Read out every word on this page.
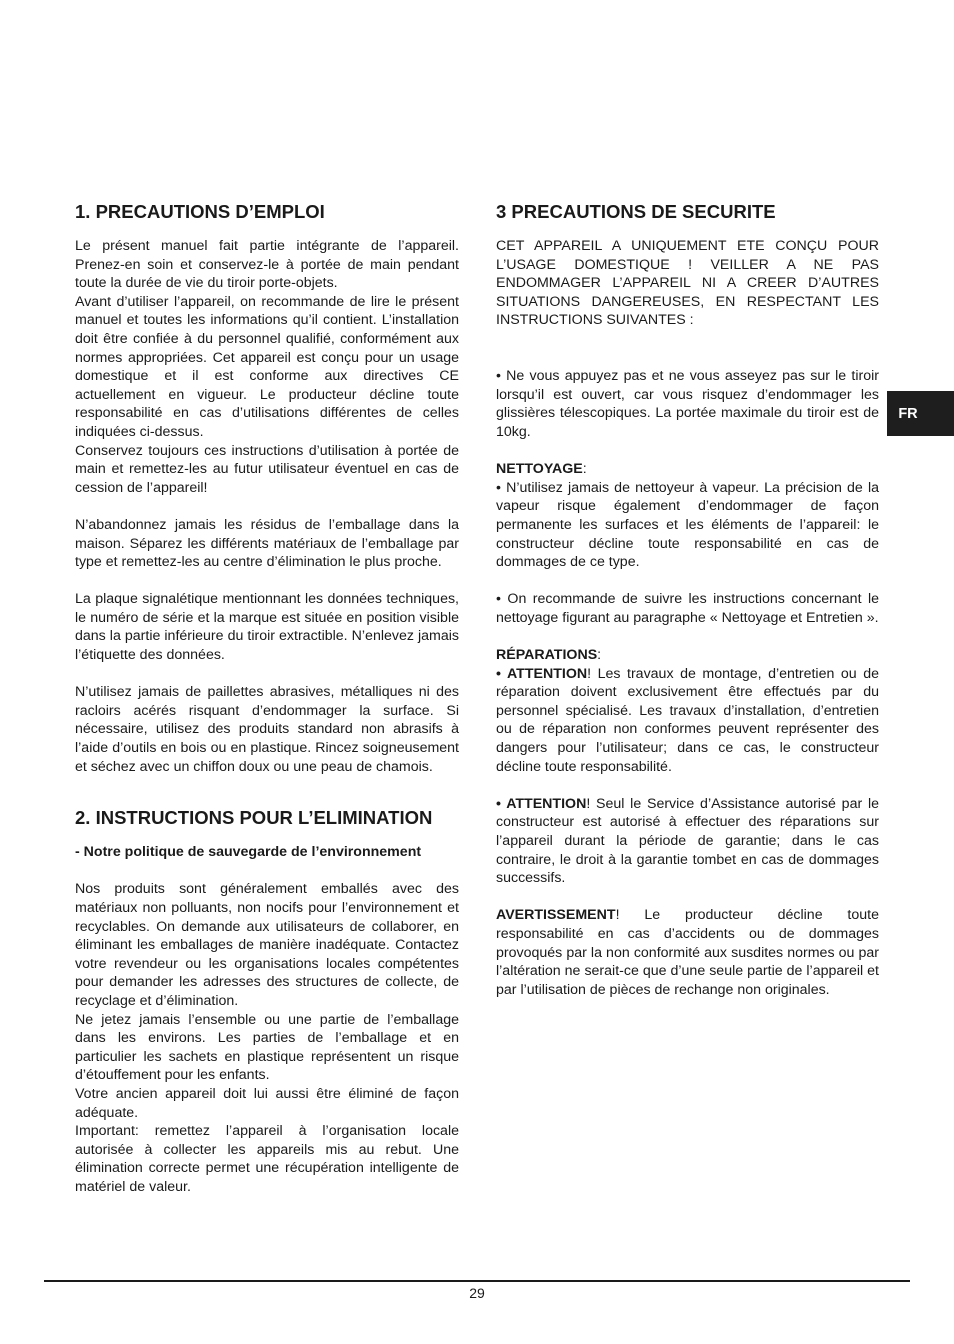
1. PRECAUTIONS D’EMPLOI

Le présent manuel fait partie intégrante de l’appareil. Prenez-en soin et conservez-le à portée de main pendant toute la durée de vie du tiroir porte-objets.

Avant d’utiliser l’appareil, on recommande de lire le présent manuel et toutes les informations qu’il contient. L’installation doit être confiée à du personnel qualifié, conformément aux normes appropriées. Cet appareil est conçu pour un usage domestique et il est conforme aux directives CE actuellement en vigueur. Le producteur décline toute responsabilité en cas d’utilisations différentes de celles indiquées ci-dessus.

Conservez toujours ces instructions d’utilisation à portée de main et remettez-les au futur utilisateur éventuel en cas de cession de l’appareil!

N’abandonnez jamais les résidus de l’emballage dans la maison. Séparez les différents matériaux de l’emballage par type et remettez-les au centre d’élimination le plus proche.

La plaque signalétique mentionnant les données techniques, le numéro de série et la marque est située en position visible dans la partie inférieure du tiroir extractible. N’enlevez jamais l’étiquette des données.

N’utilisez jamais de paillettes abrasives, métalliques ni des racloirs acérés risquant d’endommager la surface. Si nécessaire, utilisez des produits standard non abrasifs à l’aide d’outils en bois ou en plastique. Rincez soigneusement et séchez avec un chiffon doux ou une peau de chamois.

2. INSTRUCTIONS POUR L’ELIMINATION
- Notre politique de sauvegarde de l’environnement

Nos produits sont généralement emballés avec des matériaux non polluants, non nocifs pour l’environnement et recyclables. On demande aux utilisateurs de collaborer, en éliminant les emballages de manière inadéquate. Contactez votre revendeur ou les organisations locales compétentes pour demander les adresses des structures de collecte, de recyclage et d’élimination.

Ne jetez jamais l’ensemble ou une partie de l’emballage dans les environs. Les parties de l’emballage et en particulier les sachets en plastique représentent un risque d’étouffement pour les enfants.

Votre ancien appareil doit lui aussi être éliminé de façon adéquate.

Important: remettez l’appareil à l’organisation locale autorisée à collecter les appareils mis au rebut. Une élimination correcte permet une récupération intelligente de matériel de valeur.

3 PRECAUTIONS DE SECURITE

CET APPAREIL A UNIQUEMENT ETE CONÇU POUR L’USAGE DOMESTIQUE ! VEILLER A NE PAS ENDOMMAGER L’APPAREIL NI A CREER D’AUTRES SITUATIONS DANGEREUSES, EN RESPECTANT LES INSTRUCTIONS SUIVANTES :

• Ne vous appuyez pas et ne vous asseyez pas sur le tiroir lorsqu’il est ouvert, car vous risquez d’endommager les glissières télescopiques. La portée maximale du tiroir est de 10kg.

NETTOYAGE:

• N’utilisez jamais de nettoyeur à vapeur. La précision de la vapeur risque également d’endommager de façon permanente les surfaces et les éléments de l’appareil: le constructeur décline toute responsabilité en cas de dommages de ce type.

• On recommande de suivre les instructions concernant le nettoyage figurant au paragraphe « Nettoyage et Entretien ».

RÉPARATIONS:

• ATTENTION! Les travaux de montage, d’entretien ou de réparation doivent exclusivement être effectués par du personnel spécialisé. Les travaux d’installation, d’entretien ou de réparation non conformes peuvent représenter des dangers pour l’utilisateur; dans ce cas, le constructeur décline toute responsabilité.

• ATTENTION! Seul le Service d’Assistance autorisé par le constructeur est autorisé à effectuer des réparations sur l’appareil durant la période de garantie; dans le cas contraire, le droit à la garantie tombet en cas de dommages successifs.

AVERTISSEMENT! Le producteur décline toute responsabilité en cas d’accidents ou de dommages provoqués par la non conformité aux susdites normes ou par l’altération ne serait-ce que d’une seule partie de l’appareil et par l’utilisation de pièces de rechange non originales.

FR
29
